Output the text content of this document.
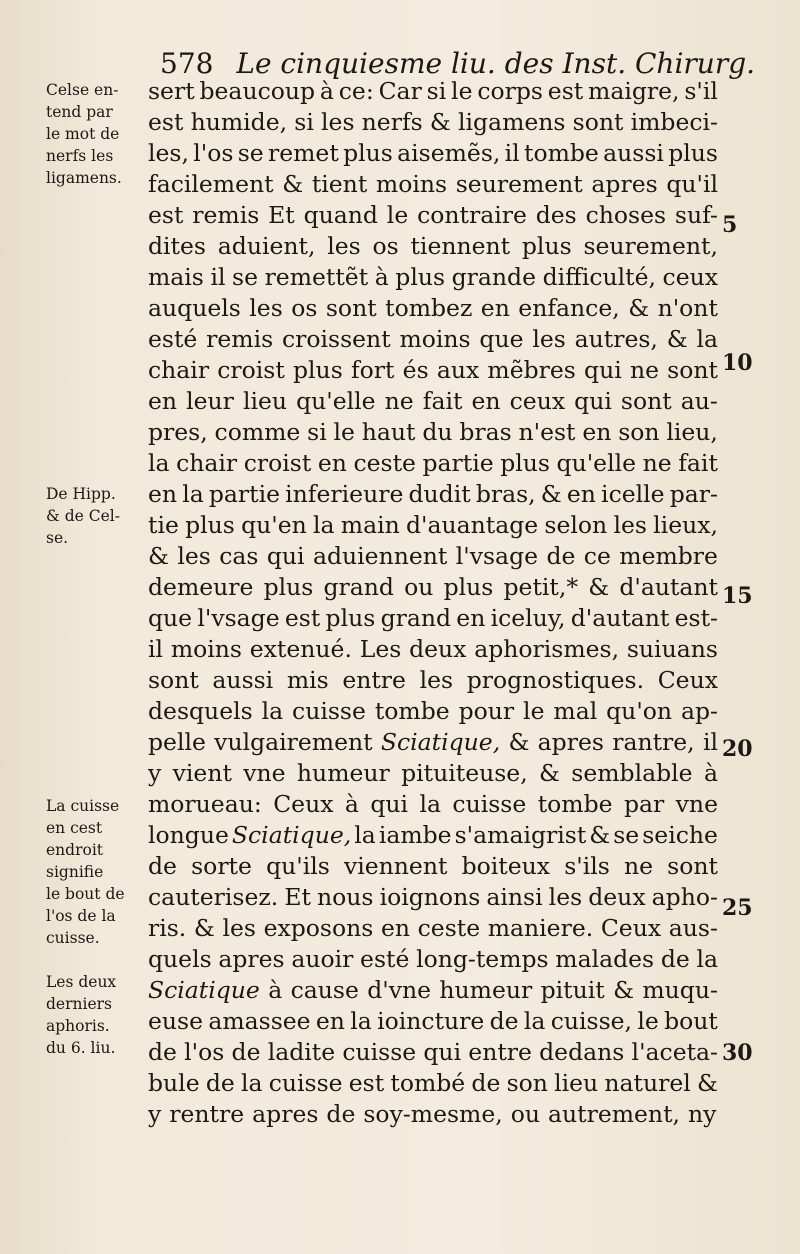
578 Le cinquiesme liu. des Inst. Chirurg.
sert beaucoup à ce: Car si le corps est maigre, s'il
est humide, si les nerfs & ligamens sont imbeci-
les, l'os se remet plus aisemẽs, il tombe aussi plus
facilement & tient moins seurement apres qu'il
est remis Et quand le contraire des choses suf-
dites aduient, les os tiennent plus seurement,
mais il se remettẽt à plus grande difficulté, ceux
auquels les os sont tombez en enfance, & n'ont
esté remis croissent moins que les autres, & la
chair croist plus fort és aux mẽbres qui ne sont
en leur lieu qu'elle ne fait en ceux qui sont au-
pres, comme si le haut du bras n'est en son lieu,
la chair croist en ceste partie plus qu'elle ne fait
en la partie inferieure dudit bras, & en icelle par-
tie plus qu'en la main d'auantage selon les lieux,
& les cas qui aduiennent l'vsage de ce membre
demeure plus grand ou plus petit,* & d'autant
que l'vsage est plus grand en iceluy, d'autant est-
il moins extenué. Les deux aphorismes, suiuans
sont aussi mis entre les prognostiques. Ceux
desquels la cuisse tombe pour le mal qu'on ap-
pelle vulgairement Sciatique, & apres rantre, il
y vient vne humeur pituiteuse, & semblable à
morueau: Ceux à qui la cuisse tombe par vne
longue Sciatique, la iambe s'amaigrist & se seiche
de sorte qu'ils viennent boiteux s'ils ne sont
cauterisez. Et nous ioignons ainsi les deux apho-
ris. & les exposons en ceste maniere. Ceux aus-
quels apres auoir esté long-temps malades de la
Sciatique à cause d'vne humeur pituit & muqu-
euse amassee en la ioincture de la cuisse, le bout
de l'os de ladite cuisse qui entre dedans l'aceta-
bule de la cuisse est tombé de son lieu naturel &
y rentre apres de soy-mesme, ou autrement, ny
Celse en-
tend par
le mot de
nerfs les
ligamens.
De Hipp.
& de Cel-
se.
La cuisse
en cest
endroit
signifie
le bout de
l'os de la
cuisse.
Les deux
derniers
aphoris.
du 6. liu.
5
10
15
20
25
30
